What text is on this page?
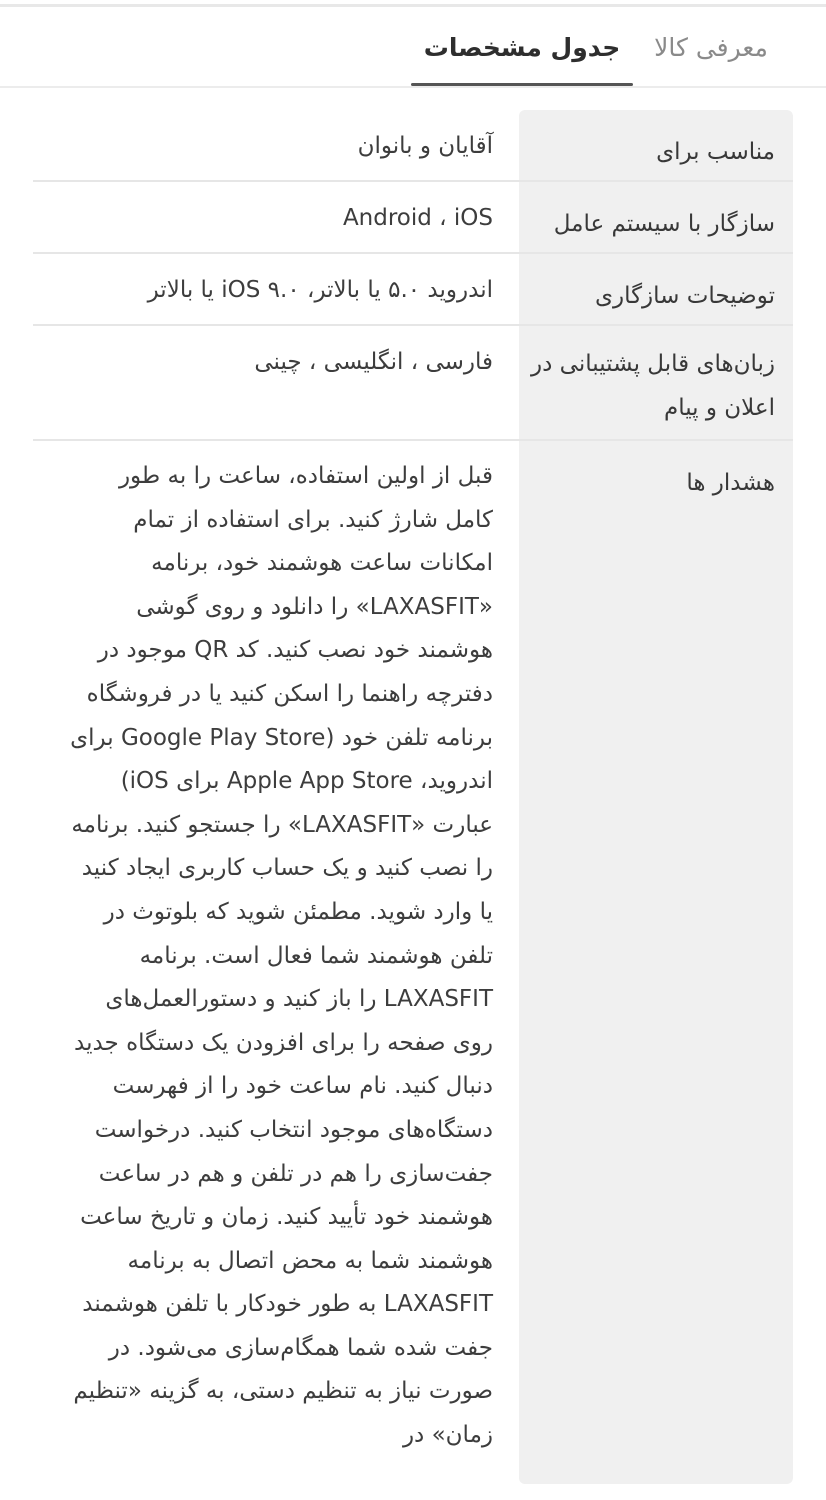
معرفی کالا
جدول مشخصات
مناسب برای
آقایان و بانوان
سازگار با سیستم عامل
Android ، iOS
توضیحات سازگاری
اندروید ۵.۰ یا بالاتر، iOS ۹.۰ یا بالاتر
زبان‌های قابل پشتیبانی در اعلان و پیام
فارسی ، انگلیسی ، چینی
هشدار ها
قبل از اولین استفاده، ساعت را به طور کامل شارژ کنید. برای استفاده از تمام امکانات ساعت هوشمند خود، برنامه «LAXASFIT» را دانلود و روی گوشی هوشمند خود نصب کنید. کد QR موجود در دفترچه راهنما را اسکن کنید یا در فروشگاه برنامه تلفن خود (Google Play Store برای اندروید، Apple App Store برای iOS) عبارت «LAXASFIT» را جستجو کنید. برنامه را نصب کنید و یک حساب کاربری ایجاد کنید یا وارد شوید. مطمئن شوید که بلوتوث در تلفن هوشمند شما فعال است. برنامه LAXASFIT را باز کنید و دستورالعمل‌های روی صفحه را برای افزودن یک دستگاه جدید دنبال کنید. نام ساعت خود را از فهرست دستگاه‌های موجود انتخاب کنید. درخواست جفت‌سازی را هم در تلفن و هم در ساعت هوشمند خود تأیید کنید. زمان و تاریخ ساعت هوشمند شما به محض اتصال به برنامه LAXASFIT به طور خودکار با تلفن هوشمند جفت شده شما همگام‌سازی می‌شود. در صورت نیاز به تنظیم دستی، به گزینه «تنظیم زمان» در
